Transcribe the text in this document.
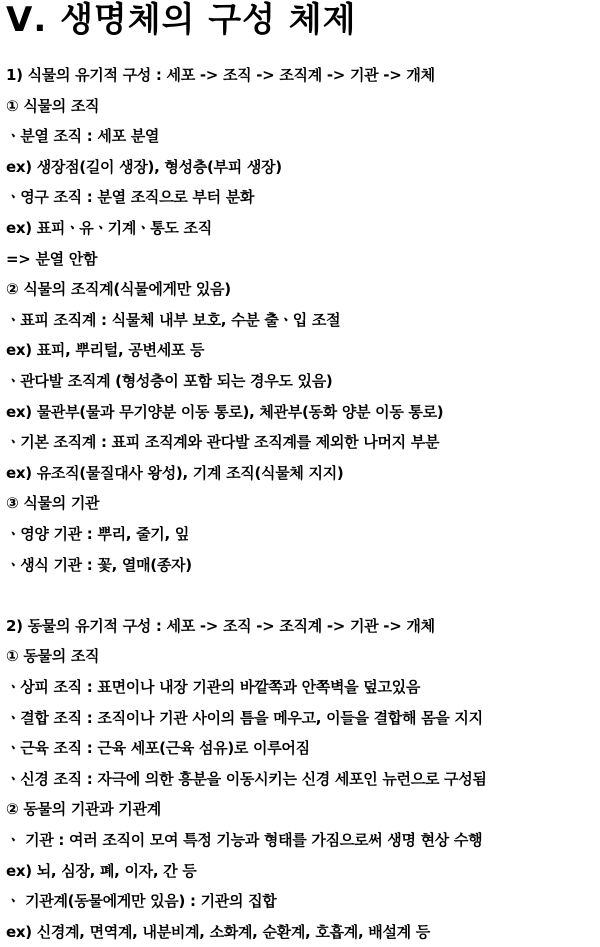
Ⅴ. 생명체의 구성 체제
1) 식물의 유기적 구성 : 세포 -> 조직 -> 조직계 -> 기관 -> 개체
① 식물의 조직
ㆍ분열 조직 : 세포 분열
ex) 생장점(길이 생장), 형성층(부피 생장)
ㆍ영구 조직 : 분열 조직으로 부터 분화
ex) 표피ㆍ유ㆍ기계ㆍ통도 조직
=> 분열 안함
② 식물의 조직계(식물에게만 있음)
ㆍ표피 조직계 : 식물체 내부 보호, 수분 출ㆍ입 조절
ex) 표피, 뿌리털, 공변세포 등
ㆍ관다발 조직계 (형성층이 포함 되는 경우도 있음)
ex) 물관부(물과 무기양분 이동 통로), 체관부(동화 양분 이동 통로)
ㆍ기본 조직계 : 표피 조직계와 관다발 조직계를 제외한 나머지 부분
ex) 유조직(물질대사 왕성), 기계 조직(식물체 지지)
③ 식물의 기관
ㆍ영양 기관 : 뿌리, 줄기, 잎
ㆍ생식 기관 : 꽃, 열매(종자)
2) 동물의 유기적 구성 : 세포 -> 조직 -> 조직계 -> 기관 -> 개체
① 동물의 조직
ㆍ상피 조직 : 표면이나 내장 기관의 바깥쪽과 안쪽벽을 덮고있음
ㆍ결합 조직 : 조직이나 기관 사이의 틈을 메우고, 이들을 결합해 몸을 지지
ㆍ근육 조직 : 근육 세포(근육 섬유)로 이루어짐
ㆍ신경 조직 : 자극에 의한 흥분을 이동시키는 신경 세포인 뉴런으로 구성됨
② 동물의 기관과 기관계
ㆍ 기관 : 여러 조직이 모여 특정 기능과 형태를 가짐으로써 생명 현상 수행
ex) 뇌, 심장, 폐, 이자, 간 등
ㆍ 기관계(동물에게만 있음) : 기관의 집합
ex) 신경계, 면역계, 내분비계, 소화계, 순환계, 호흡계, 배설계 등
